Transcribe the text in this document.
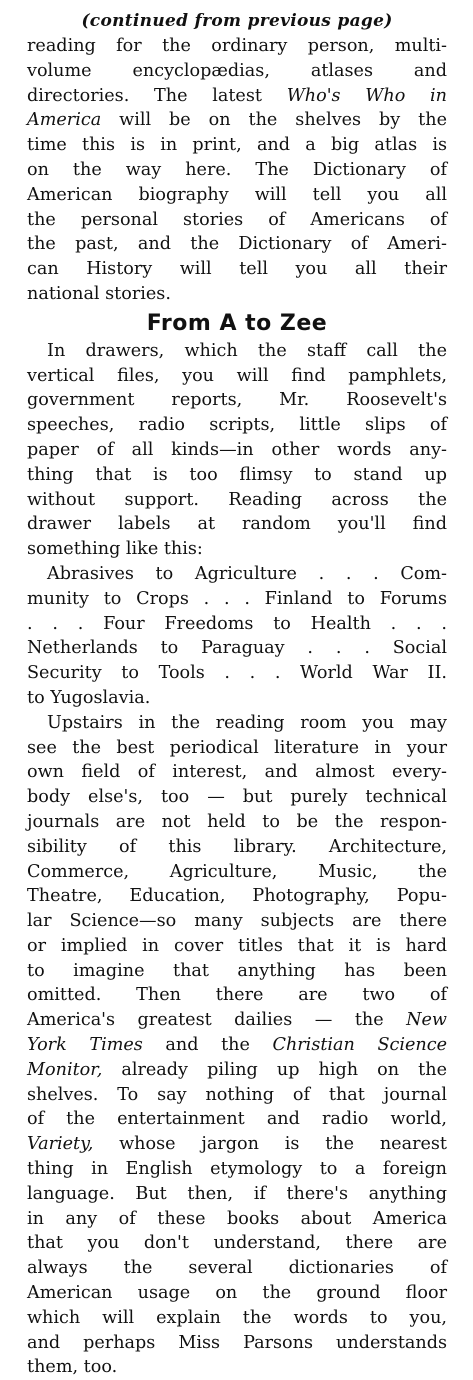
(continued from previous page)
reading for the ordinary person, multi-
volume encyclopædias, atlases and
directories. The latest Who's Who in
America will be on the shelves by the
time this is in print, and a big atlas is
on the way here. The Dictionary of
American biography will tell you all
the personal stories of Americans of
the past, and the Dictionary of Ameri-
can History will tell you all their
national stories.
From A to Zee
In drawers, which the staff call the
vertical files, you will find pamphlets,
government reports, Mr. Roosevelt's
speeches, radio scripts, little slips of
paper of all kinds—in other words any-
thing that is too flimsy to stand up
without support. Reading across the
drawer labels at random you'll find
something like this:
Abrasives to Agriculture . . . Com-
munity to Crops . . . Finland to Forums
. . . Four Freedoms to Health . . .
Netherlands to Paraguay . . . Social
Security to Tools . . . World War II.
to Yugoslavia.
Upstairs in the reading room you may
see the best periodical literature in your
own field of interest, and almost every-
body else's, too — but purely technical
journals are not held to be the respon-
sibility of this library. Architecture,
Commerce, Agriculture, Music, the
Theatre, Education, Photography, Popu-
lar Science—so many subjects are there
or implied in cover titles that it is hard
to imagine that anything has been
omitted. Then there are two of
America's greatest dailies — the New
York Times and the Christian Science
Monitor, already piling up high on the
shelves. To say nothing of that journal
of the entertainment and radio world,
Variety, whose jargon is the nearest
thing in English etymology to a foreign
language. But then, if there's anything
in any of these books about America
that you don't understand, there are
always the several dictionaries of
American usage on the ground floor
which will explain the words to you,
and perhaps Miss Parsons understands
them, too.
